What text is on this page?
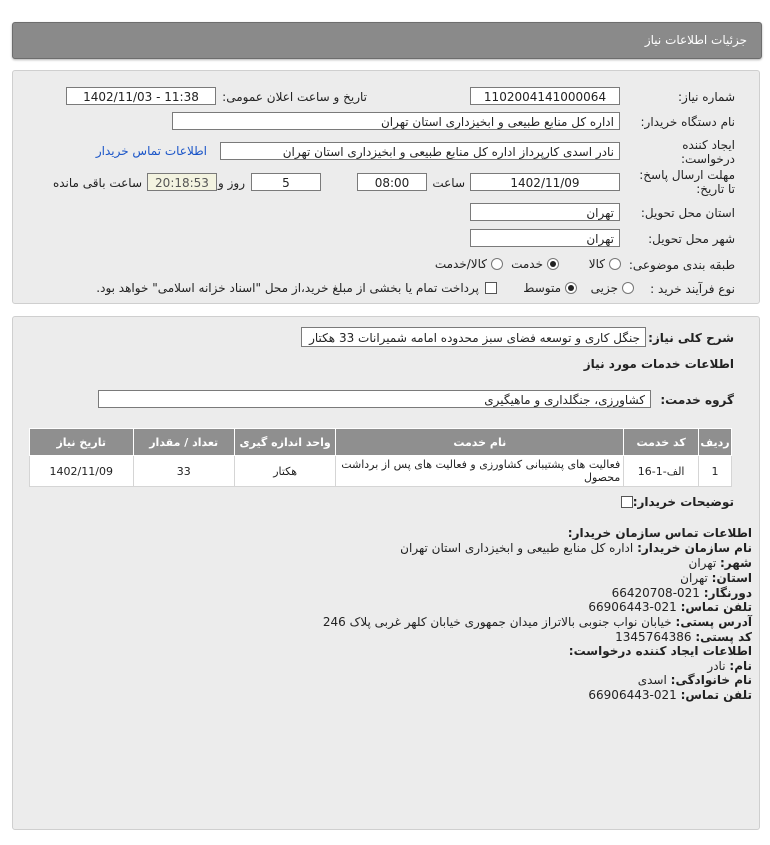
جزئیات اطلاعات نیاز
شماره نیاز:
1102004141000064
تاریخ و ساعت اعلان عمومی:
1402/11/03 - 11:38
نام دستگاه خریدار:
اداره کل منابع طبیعی و ابخیزداری استان تهران
ایجاد کننده
درخواست:
نادر اسدی کارپرداز اداره کل منابع طبیعی و ابخیزداری استان تهران
اطلاعات تماس خریدار
مهلت ارسال پاسخ:
تا تاریخ:
1402/11/09
ساعت
08:00
5
روز و
20:18:53
ساعت باقی مانده
استان محل تحویل:
تهران
شهر محل تحویل:
تهران
طبقه بندی موضوعی:
کالا
خدمت
کالا/خدمت
نوع فرآیند خرید :
جزیی
متوسط
پرداخت تمام یا بخشی از مبلغ خرید،از محل "اسناد خزانه اسلامی" خواهد بود.
شرح کلی نیاز:
جنگل کاری و توسعه فضای سبز محدوده امامه شمیرانات 33 هکتار
اطلاعات خدمات مورد نیاز
گروه خدمت:
کشاورزی، جنگلداری و ماهیگیری
ردیف	کد خدمت	نام خدمت	واحد اندازه گیری	تعداد / مقدار	تاریخ نیاز
1	الف-1-16	فعالیت های پشتیبانی کشاورزی و فعالیت های پس از برداشت محصول	هکتار	33	1402/11/09
توضیحات خریدار:
اطلاعات تماس سازمان خریدار:
نام سازمان خریدار: اداره کل منابع طبیعی و ابخیزداری استان تهران
شهر: تهران
استان: تهران
دورنگار: 021-66420708
تلفن تماس: 021-66906443
آدرس پستی: خیابان نواب جنوبی بالاتراز میدان جمهوری خیابان کلهر غربی پلاک 246
کد پستی: 1345764386
اطلاعات ایجاد کننده درخواست:
نام: نادر
نام خانوادگی: اسدی
تلفن تماس: 021-66906443
